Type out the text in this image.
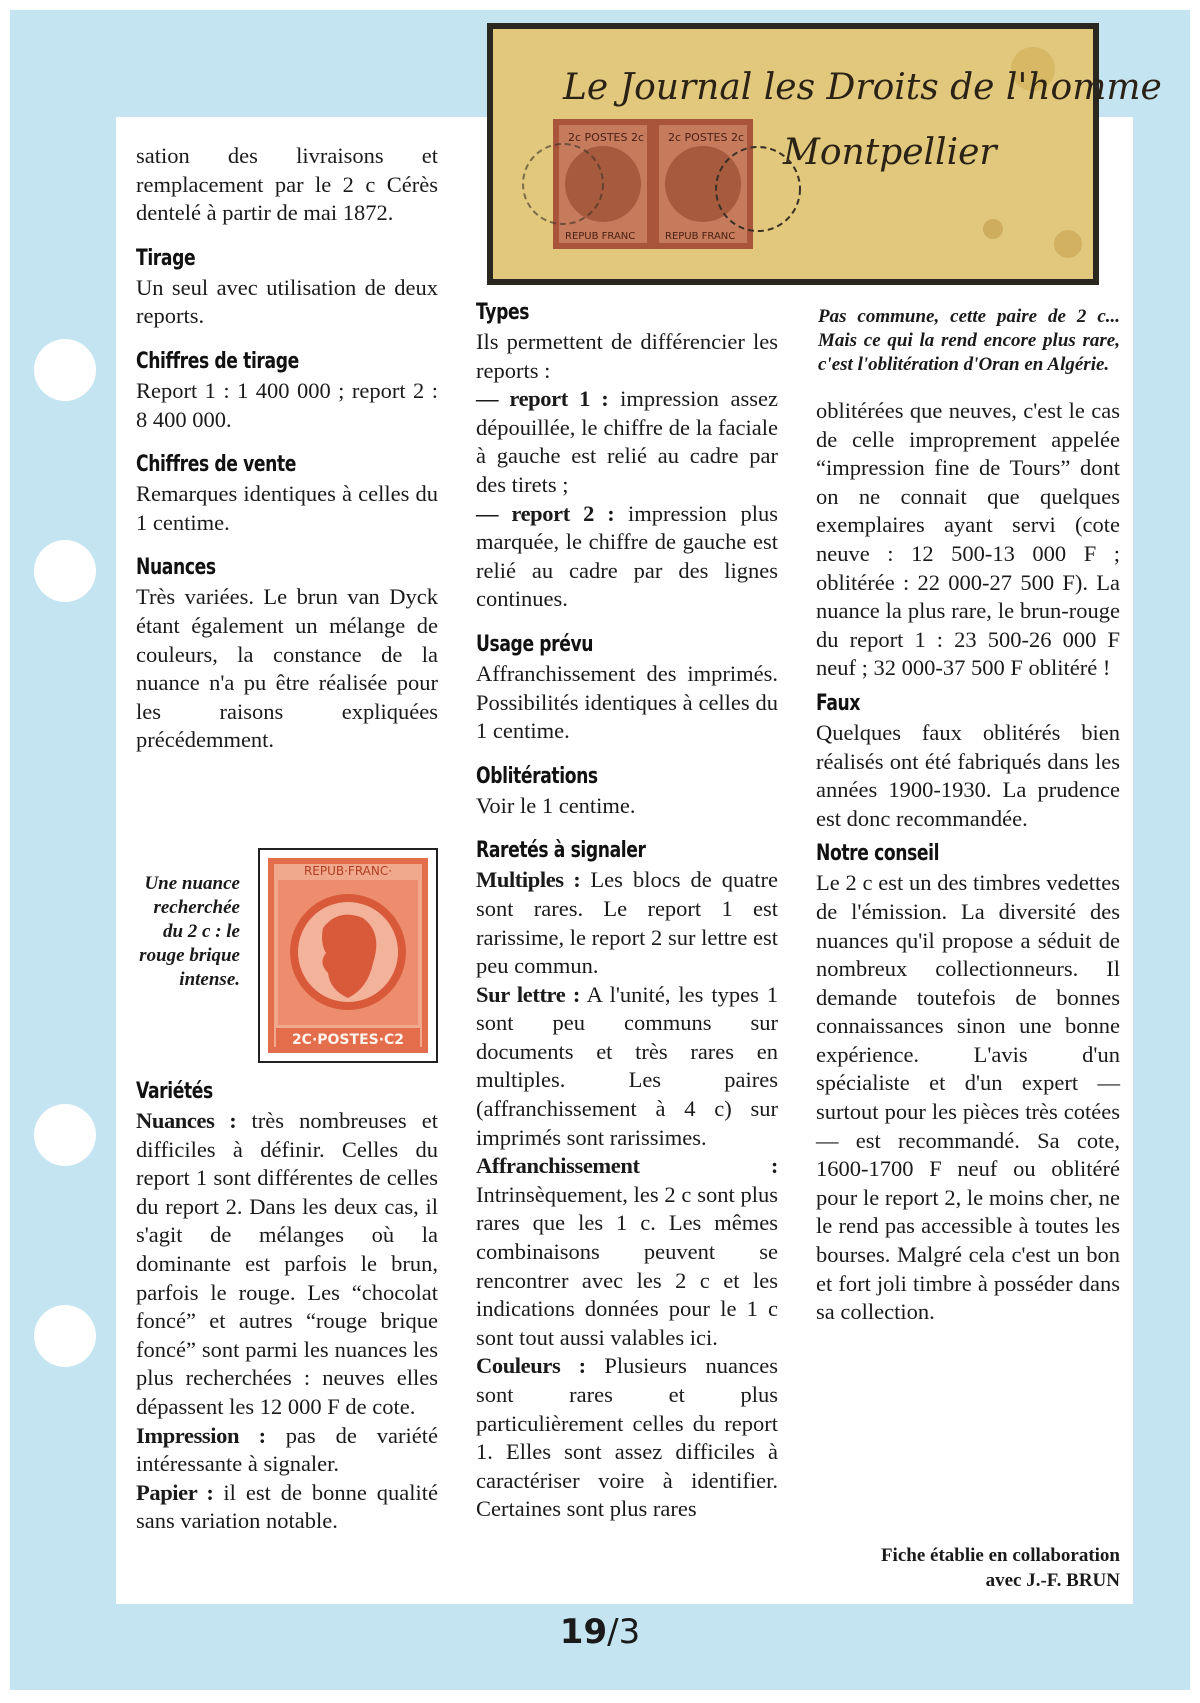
Le Journal les Droits de l'homme
Montpellier
2c POSTES 2c 2c POSTES 2c
REPUB FRANC	REPUB FRANC
REPUB·FRANC·
2C·POSTES·C2

sation des livraisons et remplacement par le 2 c Cérès dentelé à partir de mai 1872.

Tirage

Un seul avec utilisation de deux reports.

Chiffres de tirage

Report 1 : 1 400 000 ; report 2 : 8 400 000.

Chiffres de vente

Remarques identiques à celles du 1 centime.

Nuances

Très variées. Le brun van Dyck étant également un mélange de couleurs, la constance de la nuance n'a pu être réalisée pour les raisons expliquées précédemment.

Une nuance recherchée du 2 c : le rouge brique intense.
Variétés

Nuances : très nombreuses et difficiles à définir. Celles du report 1 sont différentes de celles du report 2. Dans les deux cas, il s'agit de mélanges où la dominante est parfois le brun, parfois le rouge. Les “chocolat foncé” et autres “rouge brique foncé” sont parmi les nuances les plus recherchées : neuves elles dépassent les 12 000 F de cote.

Impression : pas de variété intéressante à signaler.

Papier : il est de bonne qualité sans variation notable.

Types

Ils permettent de différencier les reports :

— report 1 : impression assez dépouillée, le chiffre de la faciale à gauche est relié au cadre par des tirets ;

— report 2 : impression plus marquée, le chiffre de gauche est relié au cadre par des lignes continues.

Usage prévu

Affranchissement des imprimés. Possibilités identiques à celles du 1 centime.

Oblitérations

Voir le 1 centime.

Raretés à signaler

Multiples : Les blocs de quatre sont rares. Le report 1 est rarissime, le report 2 sur lettre est peu commun.

Sur lettre : A l'unité, les types 1 sont peu communs sur documents et très rares en multiples. Les paires (affranchissement à 4 c) sur imprimés sont rarissimes.

Affranchissement : Intrinsèquement, les 2 c sont plus rares que les 1 c. Les mêmes combinaisons peuvent se rencontrer avec les 2 c et les indications données pour le 1 c sont tout aussi valables ici.

Couleurs : Plusieurs nuances sont rares et plus particulièrement celles du report 1. Elles sont assez difficiles à caractériser voire à identifier. Certaines sont plus rares

Pas commune, cette paire de 2 c... Mais ce qui la rend encore plus rare, c'est l'oblitération d'Oran en Algérie.

oblitérées que neuves, c'est le cas de celle improprement appelée “impression fine de Tours” dont on ne connait que quelques exemplaires ayant servi (cote neuve : 12 500-13 000 F ; oblitérée : 22 000-27 500 F). La nuance la plus rare, le brun-rouge du report 1 : 23 500-26 000 F neuf ; 32 000-37 500 F oblitéré !

Faux

Quelques faux oblitérés bien réalisés ont été fabriqués dans les années 1900-1930. La prudence est donc recommandée.

Notre conseil

Le 2 c est un des timbres vedettes de l'émission. La diversité des nuances qu'il propose a séduit de nombreux collectionneurs. Il demande toutefois de bonnes connaissances sinon une bonne expérience. L'avis d'un spécialiste et d'un expert — surtout pour les pièces très cotées — est recommandé. Sa cote, 1600-1700 F neuf ou oblitéré pour le report 2, le moins cher, ne le rend pas accessible à toutes les bourses. Malgré cela c'est un bon et fort joli timbre à posséder dans sa collection.

Fiche établie en collaboration
avec J.-F. BRUN
19/3
